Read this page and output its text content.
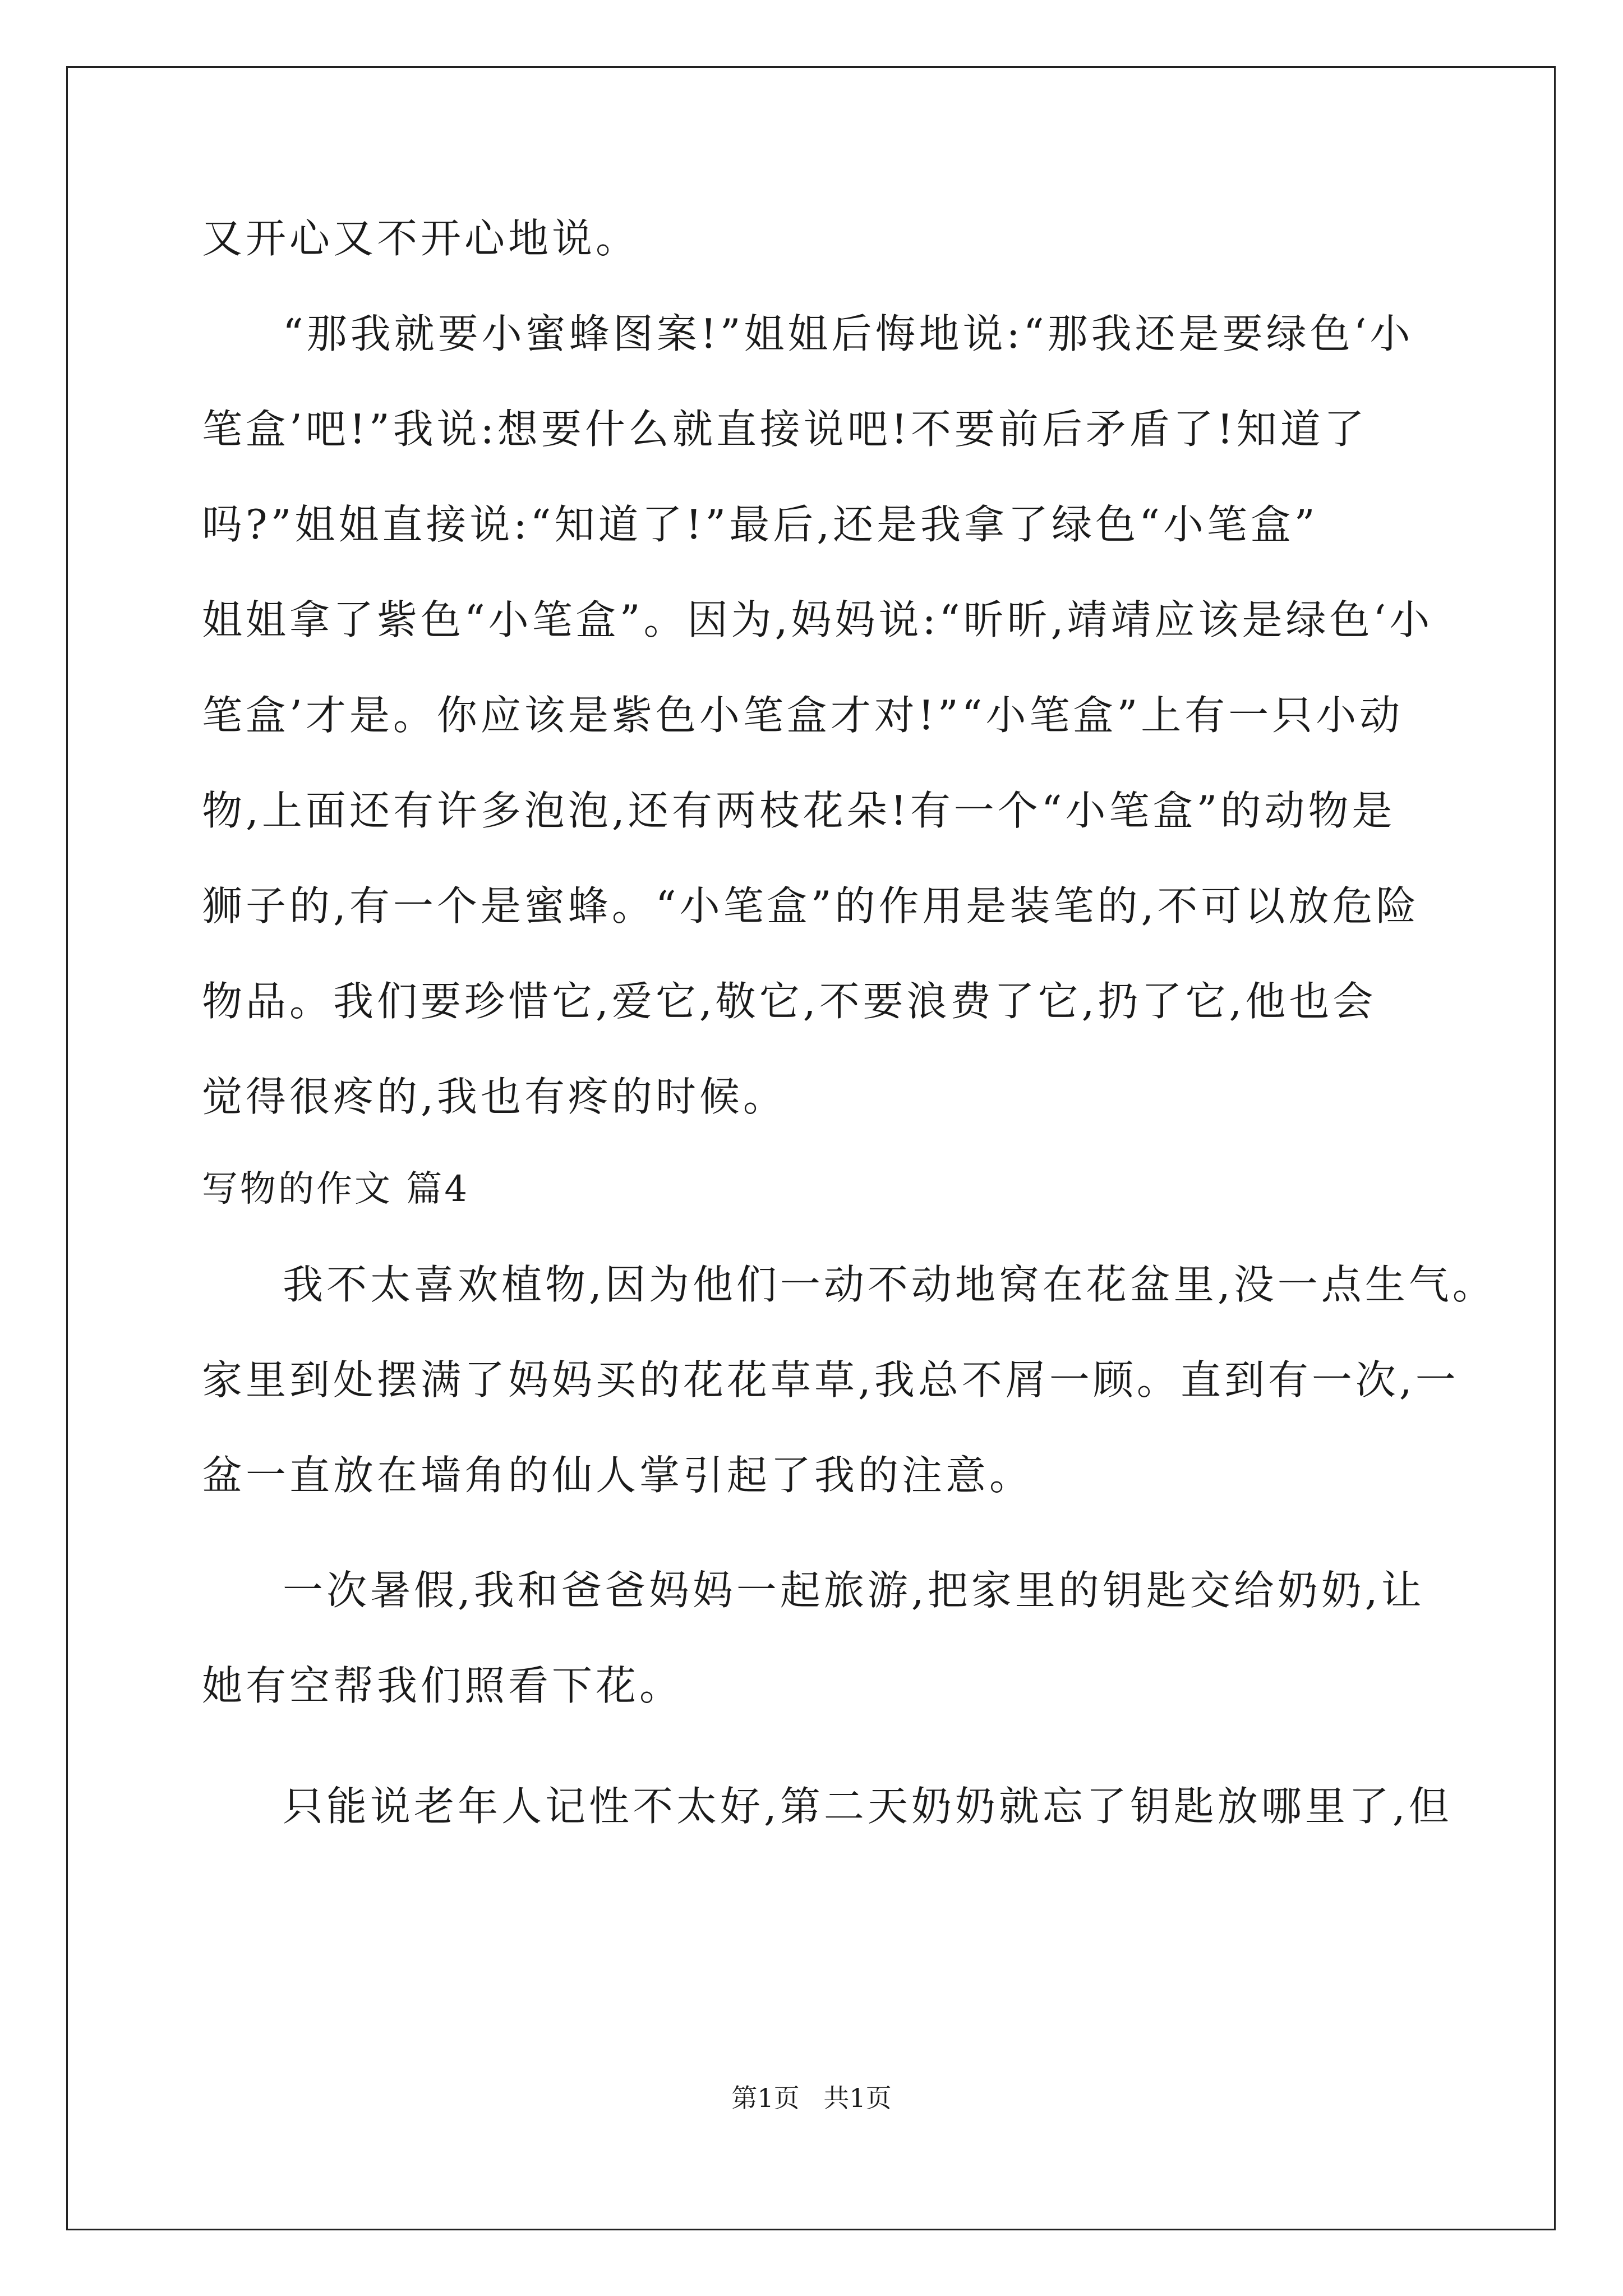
又开心又不开心地说。
“那我就要小蜜蜂图案!”姐姐后悔地说:“那我还是要绿色‘小
笔盒’吧!”我说:想要什么就直接说吧!不要前后矛盾了!知道了
吗?”姐姐直接说:“知道了!”最后,还是我拿了绿色“小笔盒”
姐姐拿了紫色“小笔盒”。因为,妈妈说:“昕昕,靖靖应该是绿色‘小
笔盒’才是。你应该是紫色小笔盒才对!”“小笔盒”上有一只小动
物,上面还有许多泡泡,还有两枝花朵!有一个“小笔盒”的动物是
狮子的,有一个是蜜蜂。“小笔盒”的作用是装笔的,不可以放危险
物品。我们要珍惜它,爱它,敬它,不要浪费了它,扔了它,他也会
觉得很疼的,我也有疼的时候。
写物的作文 篇4
我不太喜欢植物,因为他们一动不动地窝在花盆里,没一点生气。
家里到处摆满了妈妈买的花花草草,我总不屑一顾。直到有一次,一
盆一直放在墙角的仙人掌引起了我的注意。
一次暑假,我和爸爸妈妈一起旅游,把家里的钥匙交给奶奶,让
她有空帮我们照看下花。
只能说老年人记性不太好,第二天奶奶就忘了钥匙放哪里了,但
第1页 共1页
